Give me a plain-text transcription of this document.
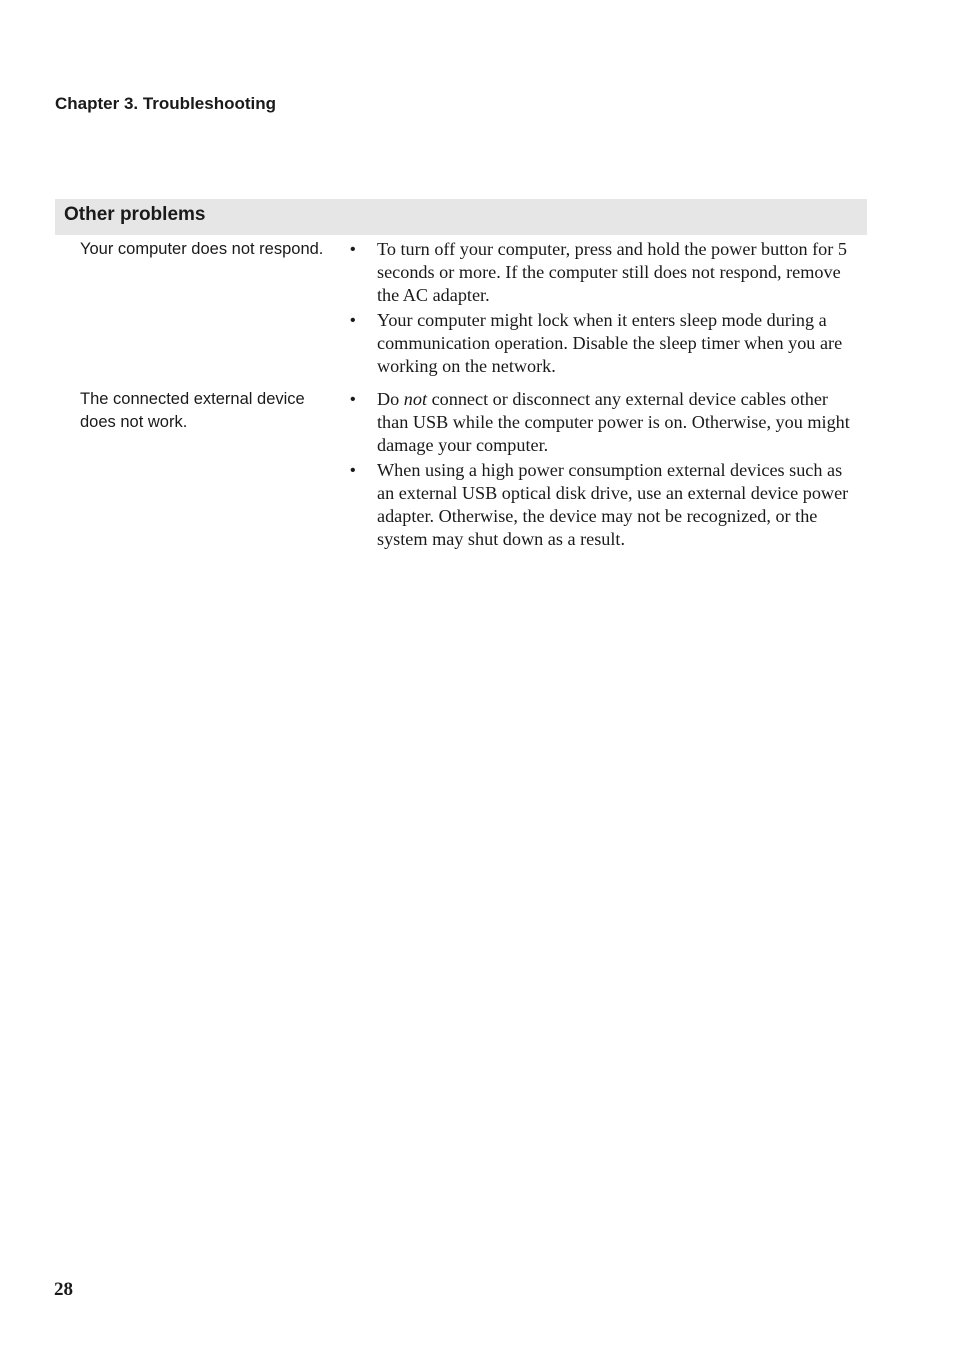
Chapter 3. Troubleshooting
Other problems
Your computer does not respond.	• To turn off your computer, press and hold the power button for 5 seconds or more. If the computer still does not respond, remove the AC adapter.
• Your computer might lock when it enters sleep mode during a communication operation. Disable the sleep timer when you are working on the network.
The connected external device does not work.
• Do not connect or disconnect any external device cables other than USB while the computer power is on. Otherwise, you might damage your computer.
• When using a high power consumption external devices such as an external USB optical disk drive, use an external device power adapter. Otherwise, the device may not be recognized, or the system may shut down as a result.
28
